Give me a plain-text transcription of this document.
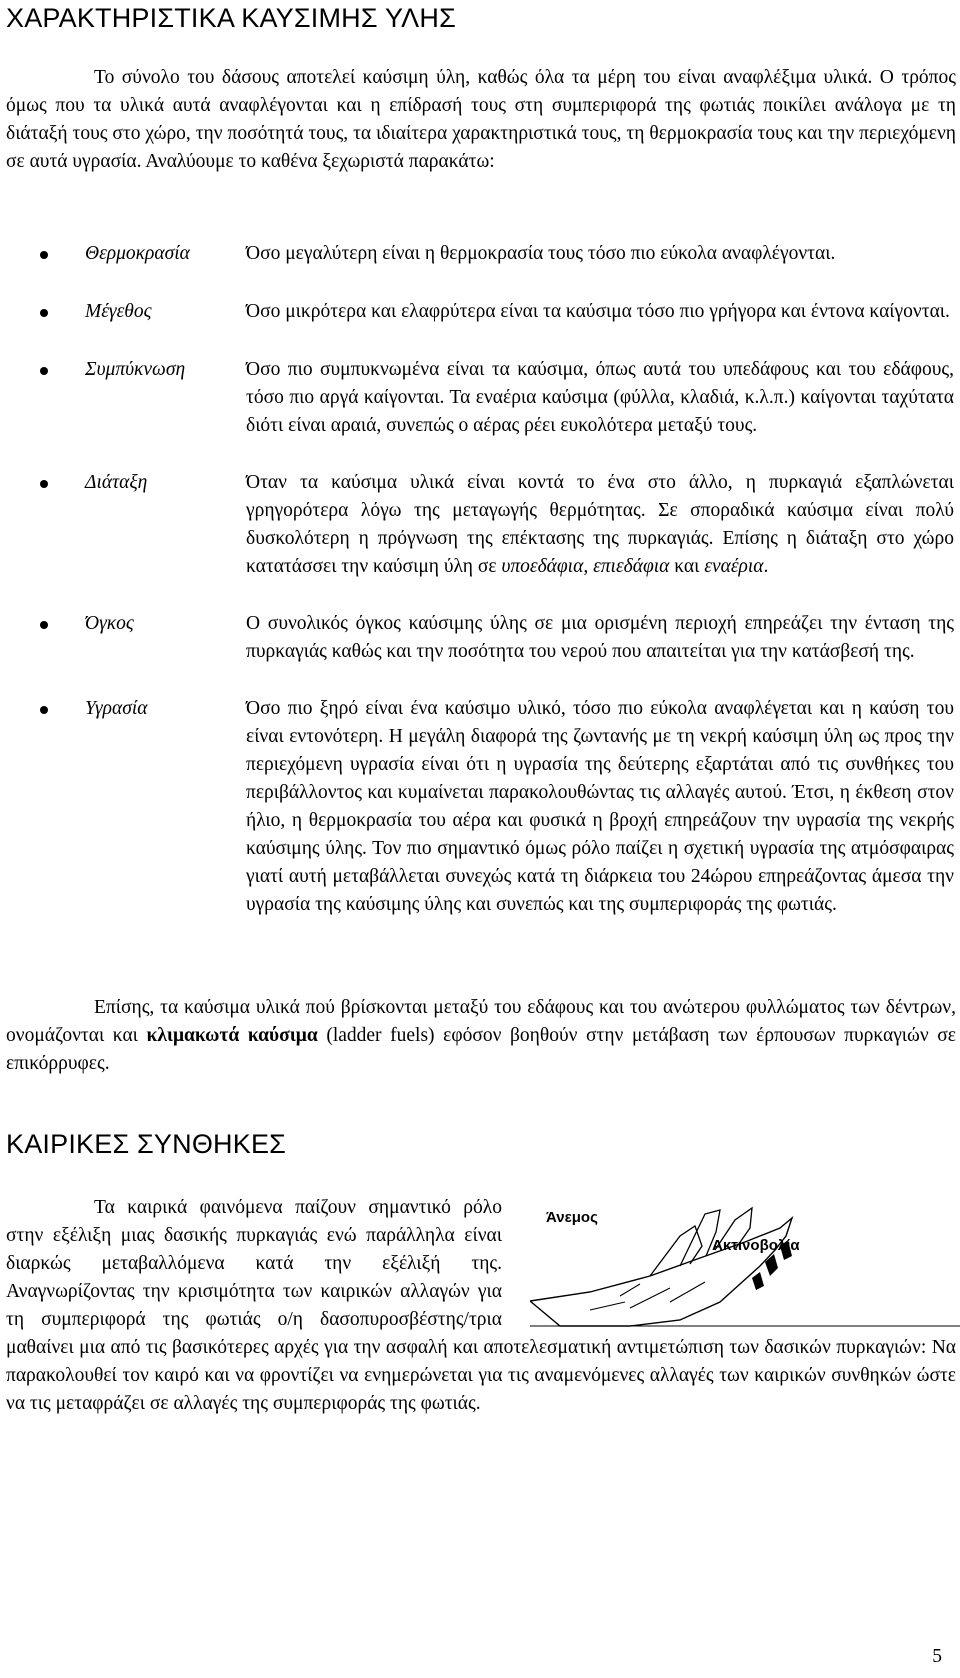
ΧΑΡΑΚΤΗΡΙΣΤΙΚΑ ΚΑΥΣΙΜΗΣ ΥΛΗΣ

Το σύνολο του δάσους αποτελεί καύσιμη ύλη, καθώς όλα τα μέρη του είναι αναφλέξιμα υλικά. Ο τρόπος όμως που τα υλικά αυτά αναφλέγονται και η επίδρασή τους στη συμπεριφορά της φωτιάς ποικίλει ανάλογα με τη διάταξή τους στο χώρο, την ποσότητά τους, τα ιδιαίτερα χαρακτηριστικά τους, τη θερμοκρασία τους και την περιεχόμενη σε αυτά υγρασία. Αναλύουμε το καθένα ξεχωριστά παρακάτω:

Θερμοκρασία	Όσο μεγαλύτερη είναι η θερμοκρασία τους τόσο πιο εύκολα αναφλέγονται.

Μέγεθος	Όσο μικρότερα και ελαφρύτερα είναι τα καύσιμα τόσο πιο γρήγορα και έντονα καίγονται.

Συμπύκνωση	Όσο πιο συμπυκνωμένα είναι τα καύσιμα, όπως αυτά του υπεδάφους και του εδάφους, τόσο πιο αργά καίγονται. Τα εναέρια καύσιμα (φύλλα, κλαδιά, κ.λ.π.) καίγονται ταχύτατα διότι είναι αραιά, συνεπώς ο αέρας ρέει ευκολότερα μεταξύ τους.

Διάταξη	Όταν τα καύσιμα υλικά είναι κοντά το ένα στο άλλο, η πυρκαγιά εξαπλώνεται γρηγορότερα λόγω της μεταγωγής θερμότητας. Σε σποραδικά καύσιμα είναι πολύ δυσκολότερη η πρόγνωση της επέκτασης της πυρκαγιάς. Επίσης η διάταξη στο χώρο κατατάσσει την καύσιμη ύλη σε υποεδάφια, επιεδάφια και εναέρια.

Όγκος	Ο συνολικός όγκος καύσιμης ύλης σε μια ορισμένη περιοχή επηρεάζει την ένταση της πυρκαγιάς καθώς και την ποσότητα του νερού που απαιτείται για την κατάσβεσή της.

Υγρασία	Όσο πιο ξηρό είναι ένα καύσιμο υλικό, τόσο πιο εύκολα αναφλέγεται και η καύση του είναι εντονότερη. Η μεγάλη διαφορά της ζωντανής με τη νεκρή καύσιμη ύλη ως προς την περιεχόμενη υγρασία είναι ότι η υγρασία της δεύτερης εξαρτάται από τις συνθήκες του περιβάλλοντος και κυμαίνεται παρακολουθώντας τις αλλαγές αυτού. Έτσι, η έκθεση στον ήλιο, η θερμοκρασία του αέρα και φυσικά η βροχή επηρεάζουν την υγρασία της νεκρής καύσιμης ύλης. Τον πιο σημαντικό όμως ρόλο παίζει η σχετική υγρασία της ατμόσφαιρας γιατί αυτή μεταβάλλεται συνεχώς κατά τη διάρκεια του 24ώρου επηρεάζοντας άμεσα την υγρασία της καύσιμης ύλης και συνεπώς και της συμπεριφοράς της φωτιάς.

Επίσης, τα καύσιμα υλικά πού βρίσκονται μεταξύ του εδάφους και του ανώτερου φυλλώματος των δέντρων, ονομάζονται και κλιμακωτά καύσιμα (ladder fuels) εφόσον βοηθούν στην μετάβαση των έρπουσων πυρκαγιών σε επικόρρυφες.

ΚΑΙΡΙΚΕΣ ΣΥΝΘΗΚΕΣ

Τα καιρικά φαινόμενα παίζουν σημαντικό ρόλο στην εξέλιξη μιας δασικής πυρκαγιάς ενώ παράλληλα είναι διαρκώς μεταβαλλόμενα κατά την εξέλιξή της. Αναγνωρίζοντας την κρισιμότητα των καιρικών αλλαγών για τη συμπεριφορά της φωτιάς ο/η δασοπυροσβέστης/τρια μαθαίνει μια από τις βασικότερες αρχές για την ασφαλή και αποτελεσματική αντιμετώπιση των δασικών πυρκαγιών: Να παρακολουθεί τον καιρό και να φροντίζει να ενημερώνεται για τις αναμενόμενες αλλαγές των καιρικών συνθηκών ώστε να τις μεταφράζει σε αλλαγές της συμπεριφοράς της φωτιάς.

Άνεμος
Ακτινοβολία
5
